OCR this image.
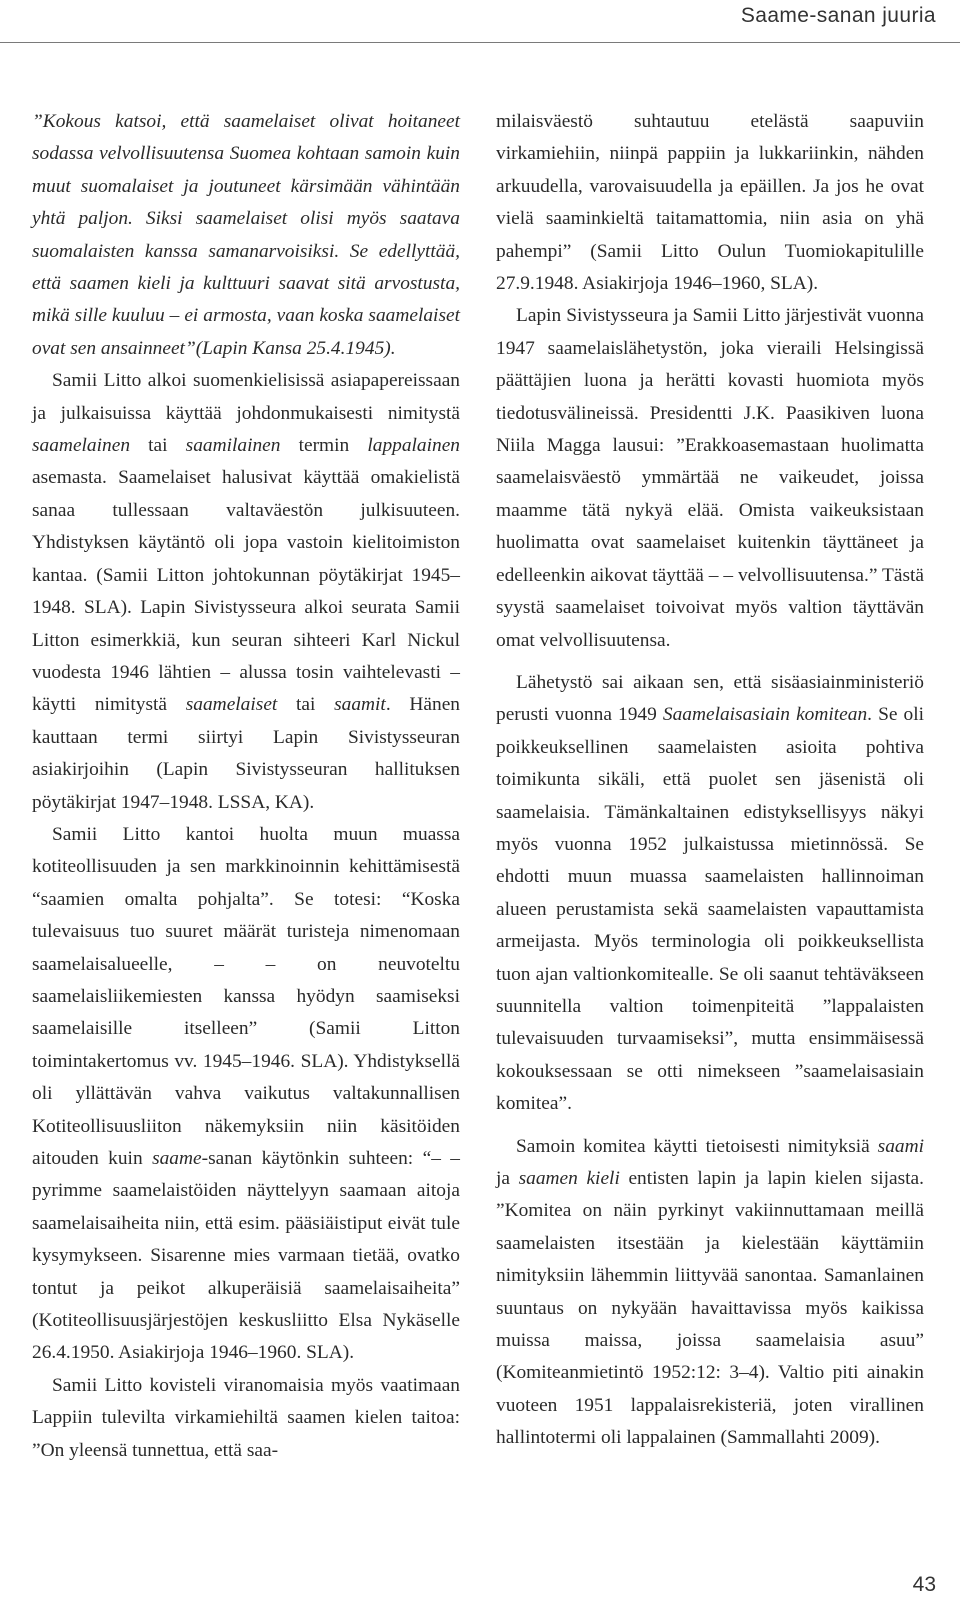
Saame-sanan juuria

”Kokous katsoi, että saamelaiset olivat hoitaneet sodassa velvollisuutensa Suomea kohtaan samoin kuin muut suomalaiset ja joutuneet kärsimään vähintään yhtä paljon. Siksi saamelaiset olisi myös saatava suomalaisten kanssa samanarvoisiksi. Se edellyttää, että saamen kieli ja kulttuuri saavat sitä arvostusta, mikä sille kuuluu – ei armosta, vaan koska saamelaiset ovat sen ansainneet”(Lapin Kansa 25.4.1945).

Samii Litto alkoi suomenkielisissä asiapapereissaan ja julkaisuissa käyttää johdonmukaisesti nimitystä saamelainen tai saamilainen termin lappalainen asemasta. Saamelaiset halusivat käyttää omakielistä sanaa tullessaan valtaväestön julkisuuteen. Yhdistyksen käytäntö oli jopa vastoin kielitoimiston kantaa. (Samii Litton johtokunnan pöytäkirjat 1945–1948. SLA). Lapin Sivistysseura alkoi seurata Samii Litton esimerkkiä, kun seuran sihteeri Karl Nickul vuodesta 1946 lähtien – alussa tosin vaihtelevasti – käytti nimitystä saamelaiset tai saamit. Hänen kauttaan termi siirtyi Lapin Sivistysseuran asiakirjoihin (Lapin Sivistysseuran hallituksen pöytäkirjat 1947–1948. LSSA, KA).

Samii Litto kantoi huolta muun muassa kotiteollisuuden ja sen markkinoinnin kehittämisestä “saamien omalta pohjalta”. Se totesi: “Koska tulevaisuus tuo suuret määrät turisteja nimenomaan saamelaisalueelle, – – on neuvoteltu saamelaisliikemiesten kanssa hyödyn saamiseksi saamelaisille itselleen” (Samii Litton toimintakertomus vv. 1945–1946. SLA). Yhdistyksellä oli yllättävän vahva vaikutus valtakunnallisen Kotiteollisuusliiton näkemyksiin niin käsitöiden aitouden kuin saame-sanan käytönkin suhteen: “– – pyrimme saamelaistöiden näyttelyyn saamaan aitoja saamelaisaiheita niin, että esim. pääsiäistiput eivät tule kysymykseen. Sisarenne mies varmaan tietää, ovatko tontut ja peikot alkuperäisiä saamelaisaiheita” (Kotiteollisuusjärjestöjen keskusliitto Elsa Nykäselle 26.4.1950. Asiakirjoja 1946–1960. SLA).

Samii Litto kovisteli viranomaisia myös vaatimaan Lappiin tulevilta virkamiehiltä saamen kielen taitoa: ”On yleensä tunnettua, että saa-

milaisväestö suhtautuu etelästä saapuviin virkamiehiin, niinpä pappiin ja lukkariinkin, nähden arkuudella, varovaisuudella ja epäillen. Ja jos he ovat vielä saaminkieltä taitamattomia, niin asia on yhä pahempi” (Samii Litto Oulun Tuomiokapitulille 27.9.1948. Asiakirjoja 1946–1960, SLA).

Lapin Sivistysseura ja Samii Litto järjestivät vuonna 1947 saamelaislähetystön, joka vieraili Helsingissä päättäjien luona ja herätti kovasti huomiota myös tiedotusvälineissä. Presidentti J.K. Paasikiven luona Niila Magga lausui: ”Erakkoasemastaan huolimatta saamelaisväestö ymmärtää ne vaikeudet, joissa maamme tätä nykyä elää. Omista vaikeuksistaan huolimatta ovat saamelaiset kuitenkin täyttäneet ja edelleenkin aikovat täyttää – – velvollisuutensa.” Tästä syystä saamelaiset toivoivat myös valtion täyttävän omat velvollisuutensa.

Lähetystö sai aikaan sen, että sisäasiainministeriö perusti vuonna 1949 Saamelaisasiain komitean. Se oli poikkeuksellinen saamelaisten asioita pohtiva toimikunta sikäli, että puolet sen jäsenistä oli saamelaisia. Tämänkaltainen edistyksellisyys näkyi myös vuonna 1952 julkaistussa mietinnössä. Se ehdotti muun muassa saamelaisten hallinnoiman alueen perustamista sekä saamelaisten vapauttamista armeijasta. Myös terminologia oli poikkeuksellista tuon ajan valtionkomitealle. Se oli saanut tehtäväkseen suunnitella valtion toimenpiteitä ”lappalaisten tulevaisuuden turvaamiseksi”, mutta ensimmäisessä kokouksessaan se otti nimekseen ”saamelaisasiain komitea”.

Samoin komitea käytti tietoisesti nimityksiä saami ja saamen kieli entisten lapin ja lapin kielen sijasta. ”Komitea on näin pyrkinyt vakiinnuttamaan meillä saamelaisten itsestään ja kielestään käyttämiin nimityksiin lähemmin liittyvää sanontaa. Samanlainen suuntaus on nykyään havaittavissa myös kaikissa muissa maissa, joissa saamelaisia asuu” (Komiteanmietintö 1952:12: 3–4). Valtio piti ainakin vuoteen 1951 lappalaisrekisteriä, joten virallinen hallintotermi oli lappalainen (Sammallahti 2009).

43
